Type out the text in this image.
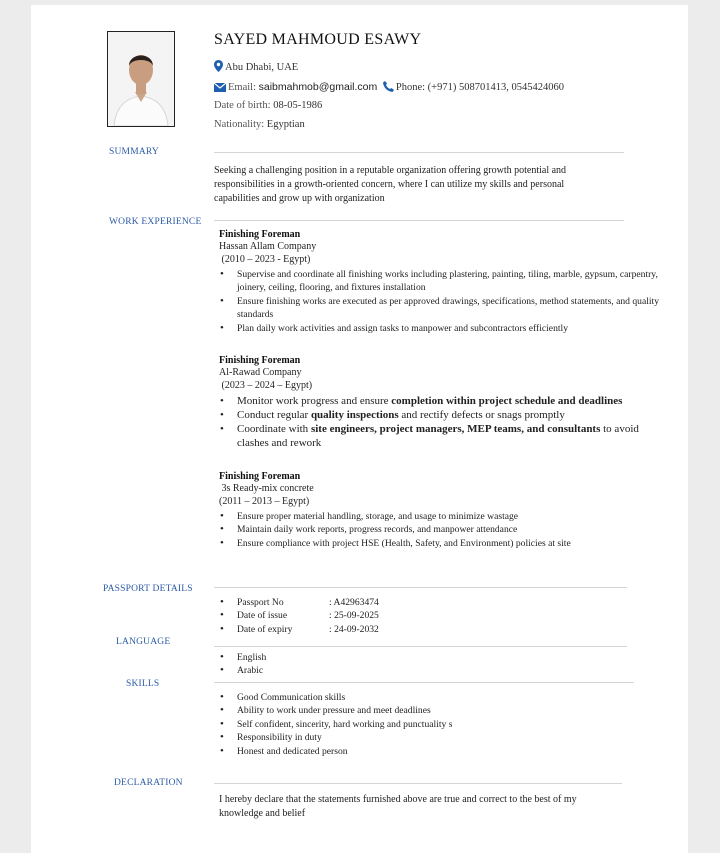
SAYED MAHMOUD ESAWY
Abu Dhabi, UAE
Email: saibmahmob@gmail.com Phone: (+971) 508701413, 0545424060
Date of birth: 08-05-1986
Nationality: Egyptian
SUMMARY
Seeking a challenging position in a reputable organization offering growth potential and
responsibilities in a growth-oriented concern, where I can utilize my skills and personal
capabilities and grow up with organization
WORK EXPERIENCE
Finishing Foreman
Hassan Allam Company
(2010 – 2023 - Egypt)
• Supervise and coordinate all finishing works including plastering, painting, tiling, marble, gypsum, carpentry, joinery, ceiling, flooring, and fixtures installation
• Ensure finishing works are executed as per approved drawings, specifications, method statements, and quality standards
• Plan daily work activities and assign tasks to manpower and subcontractors efficiently
Finishing Foreman
Al-Rawad Company
(2023 – 2024 – Egypt)
• Monitor work progress and ensure completion within project schedule and deadlines
• Conduct regular quality inspections and rectify defects or snags promptly
• Coordinate with site engineers, project managers, MEP teams, and consultants to avoid clashes and rework
Finishing Foreman
3s Ready-mix concrete
(2011 – 2013 – Egypt)
• Ensure proper material handling, storage, and usage to minimize wastage
• Maintain daily work reports, progress records, and manpower attendance
• Ensure compliance with project HSE (Health, Safety, and Environment) policies at site
PASSPORT DETAILS
• Passport No	: A42963474
• Date of issue	: 25-09-2025
• Date of expiry	: 24-09-2032
LANGUAGE
• English
• Arabic
SKILLS
• Good Communication skills
• Ability to work under pressure and meet deadlines
• Self confident, sincerity, hard working and punctuality s
• Responsibility in duty
• Honest and dedicated person
DECLARATION
I hereby declare that the statements furnished above are true and correct to the best of my
knowledge and belief
